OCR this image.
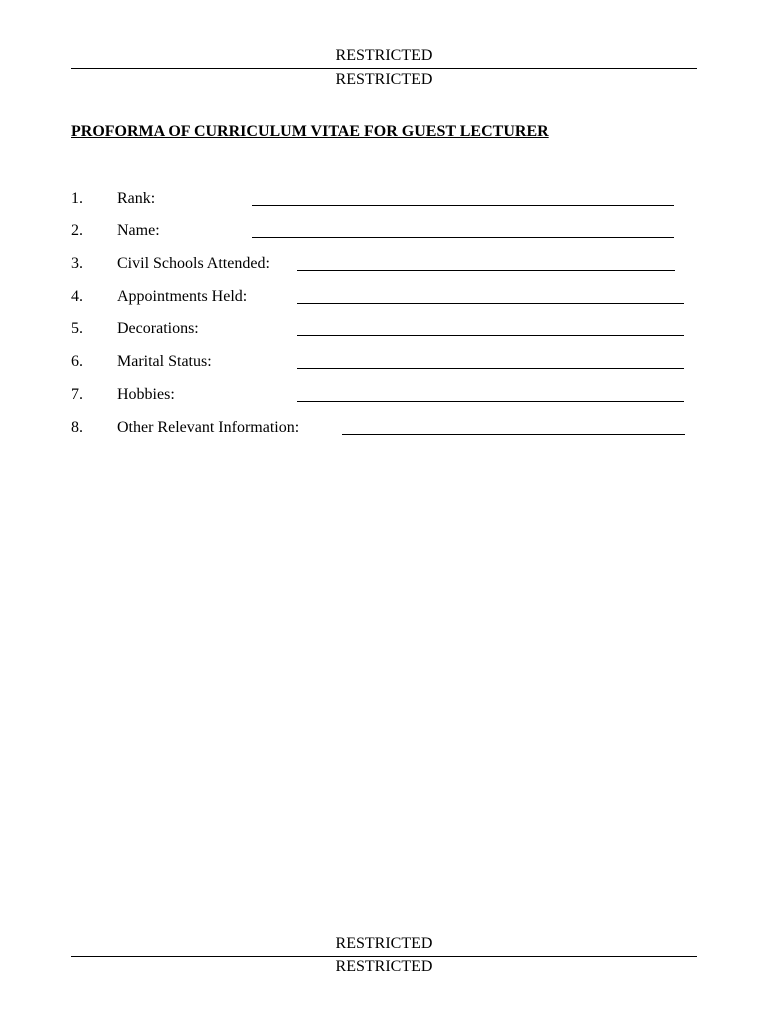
RESTRICTED
RESTRICTED
PROFORMA OF CURRICULUM VITAE FOR GUEST LECTURER
1. Rank:
2. Name:
3. Civil Schools Attended:
4. Appointments Held:
5. Decorations:
6. Marital Status:
7. Hobbies:
8. Other Relevant Information:
RESTRICTED
RESTRICTED
